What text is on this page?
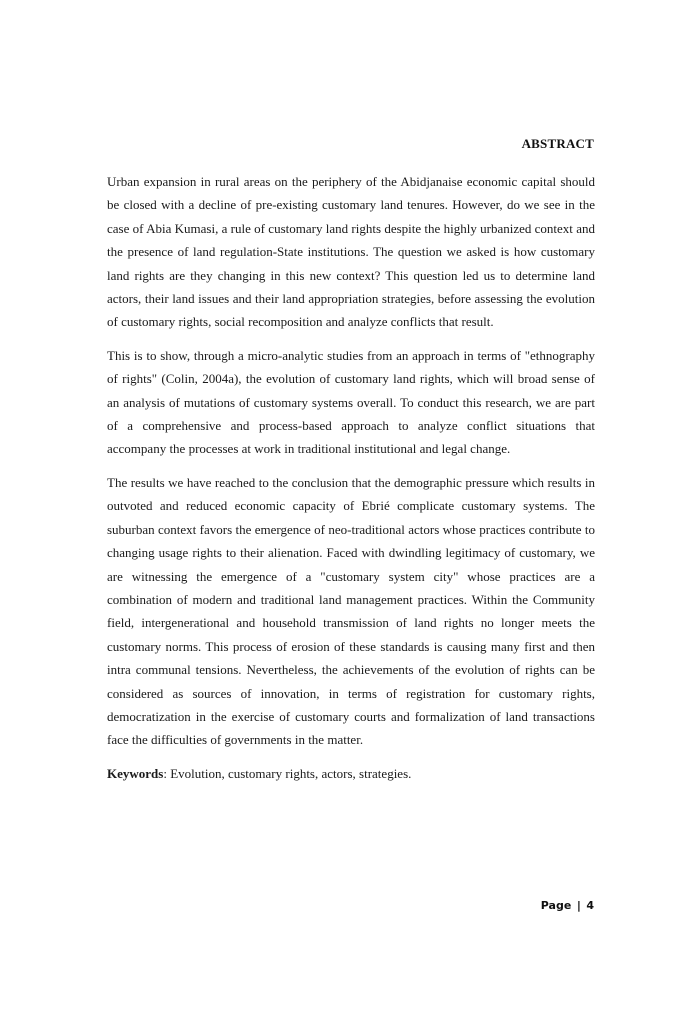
ABSTRACT

Urban expansion in rural areas on the periphery of the Abidjanaise economic capital should be closed with a decline of pre-existing customary land tenures. However, do we see in the case of Abia Kumasi, a rule of customary land rights despite the highly urbanized context and the presence of land regulation-State institutions. The question we asked is how customary land rights are they changing in this new context? This question led us to determine land actors, their land issues and their land appropriation strategies, before assessing the evolution of customary rights, social recomposition and analyze conflicts that result.

This is to show, through a micro-analytic studies from an approach in terms of "ethnography of rights" (Colin, 2004a), the evolution of customary land rights, which will broad sense of an analysis of mutations of customary systems overall. To conduct this research, we are part of a comprehensive and process-based approach to analyze conflict situations that accompany the processes at work in traditional institutional and legal change.

The results we have reached to the conclusion that the demographic pressure which results in outvoted and reduced economic capacity of Ebrié complicate customary systems. The suburban context favors the emergence of neo-traditional actors whose practices contribute to changing usage rights to their alienation. Faced with dwindling legitimacy of customary, we are witnessing the emergence of a "customary system city" whose practices are a combination of modern and traditional land management practices. Within the Community field, intergenerational and household transmission of land rights no longer meets the customary norms. This process of erosion of these standards is causing many first and then intra communal tensions. Nevertheless, the achievements of the evolution of rights can be considered as sources of innovation, in terms of registration for customary rights, democratization in the exercise of customary courts and formalization of land transactions face the difficulties of governments in the matter.

Keywords: Evolution, customary rights, actors, strategies.

Page | 4
